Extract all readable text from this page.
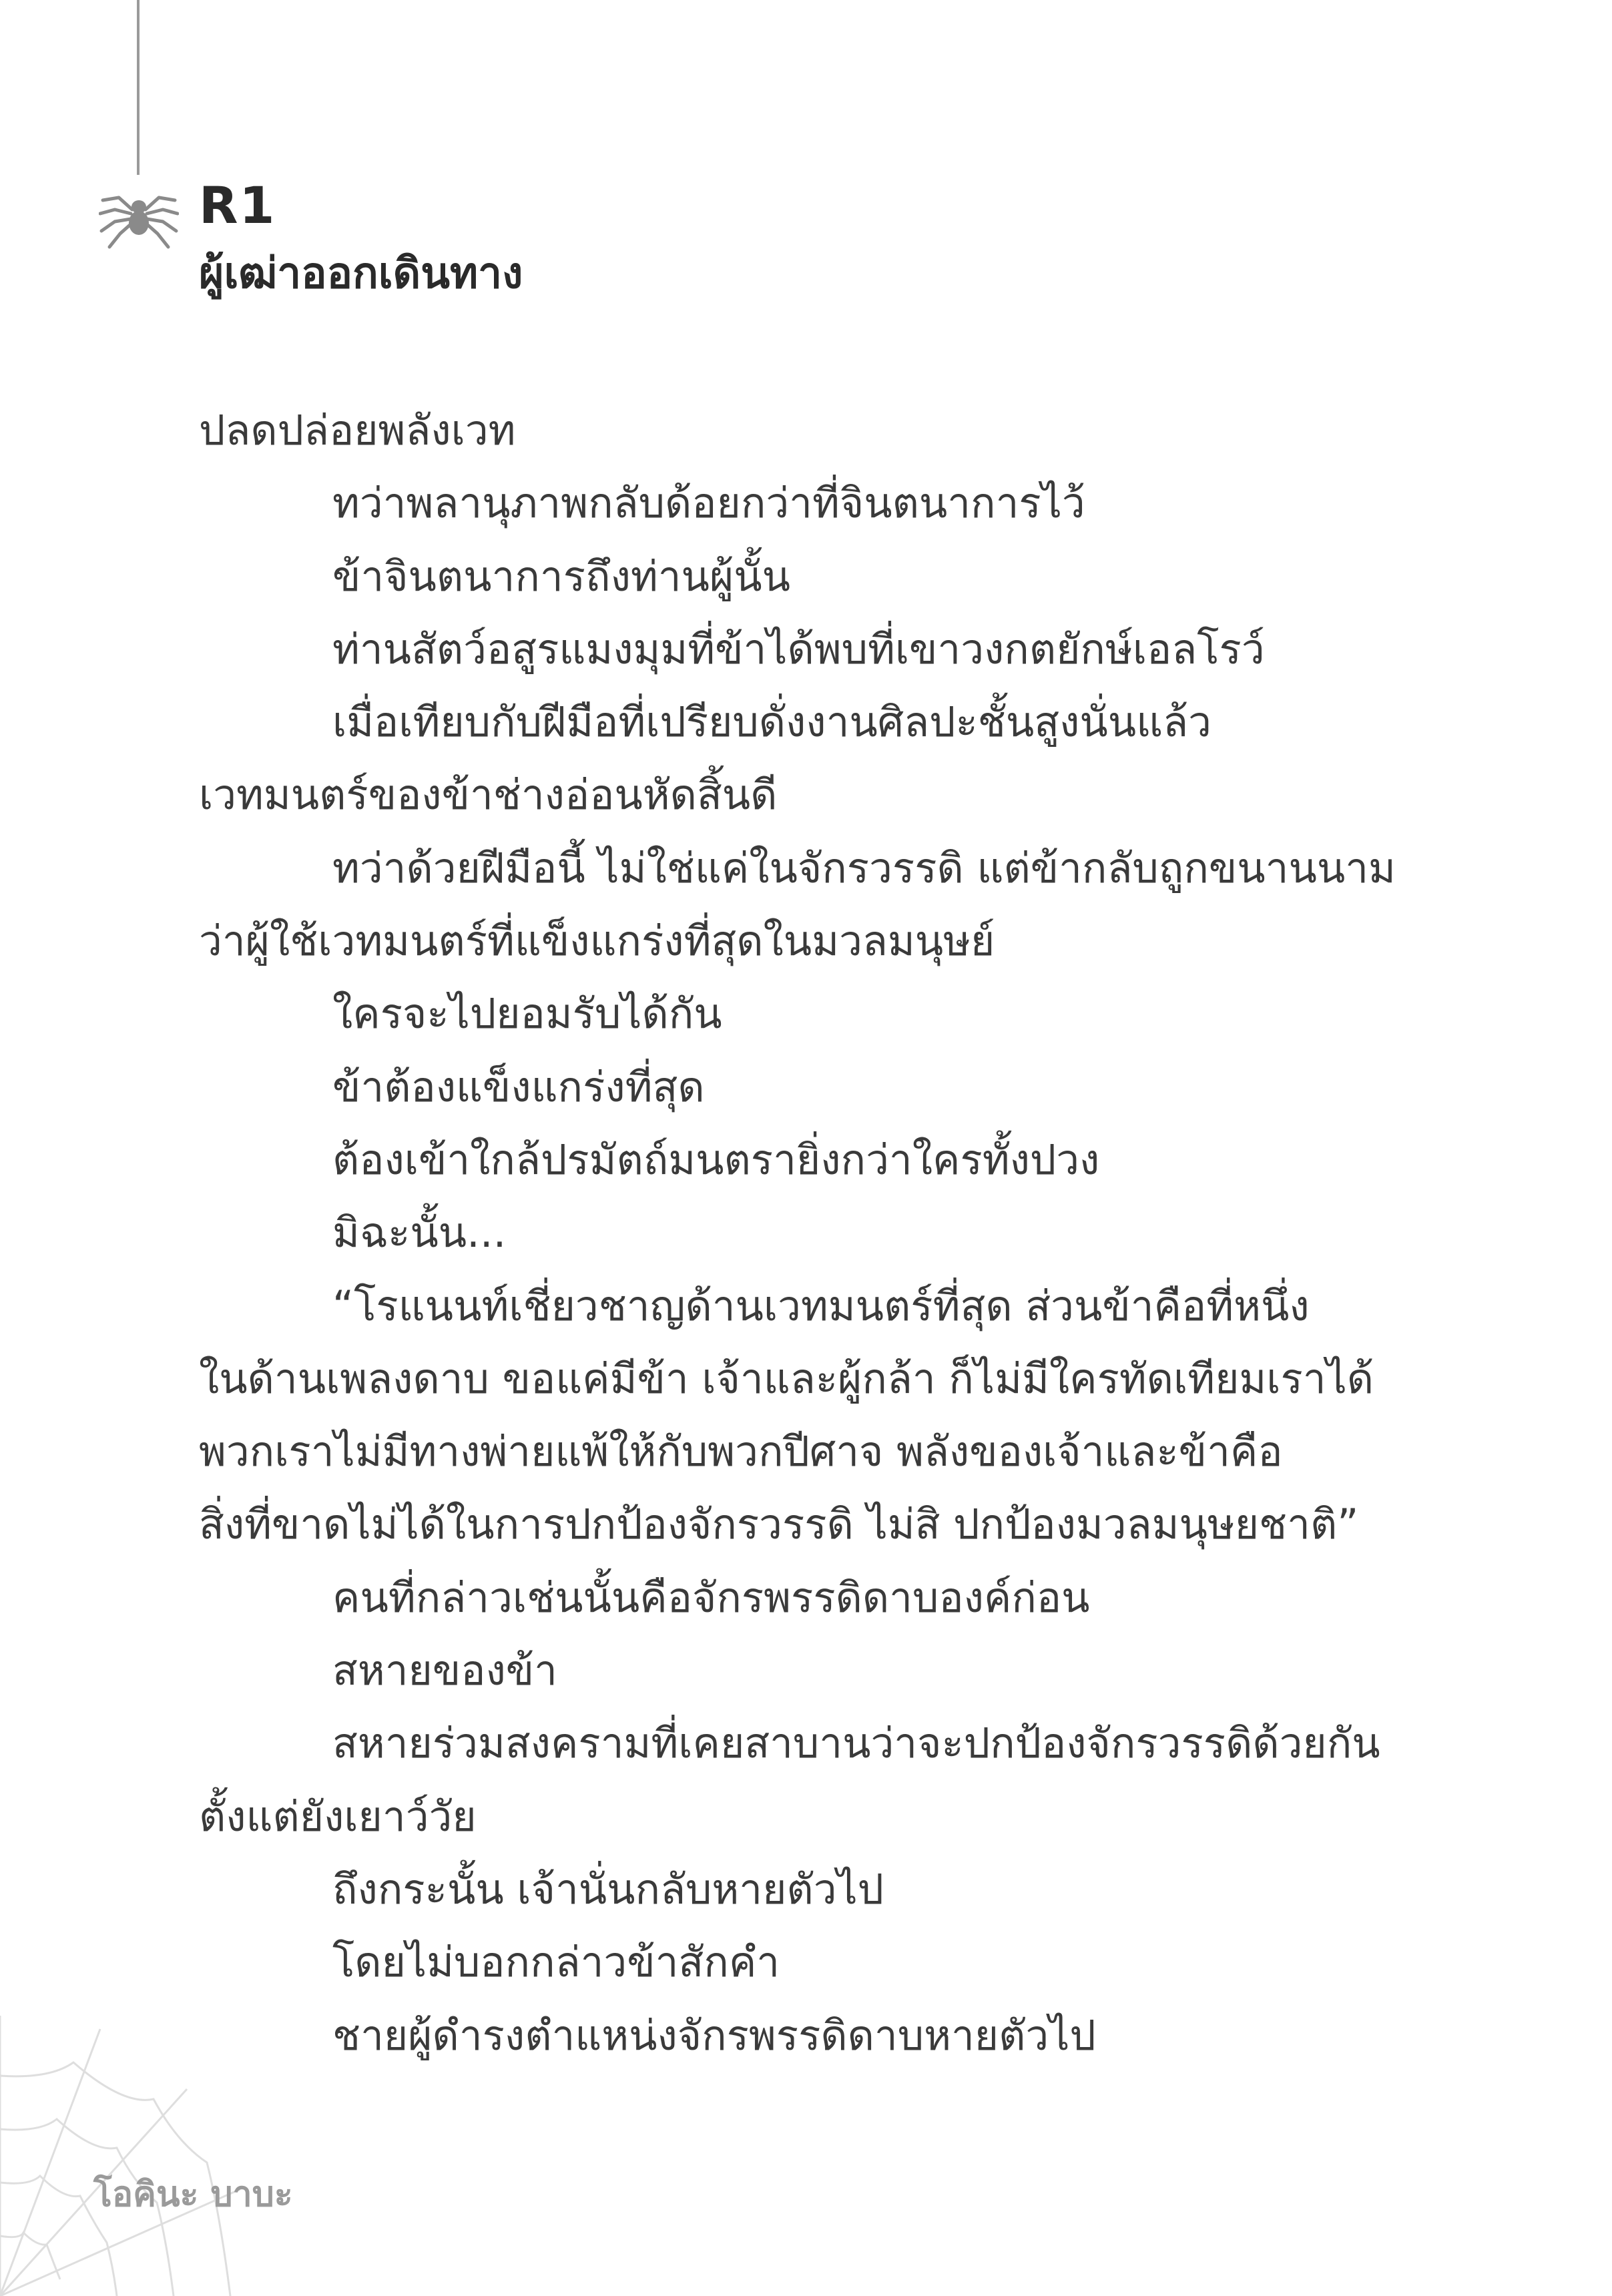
R1
ผู้เฒ่าออกเดินทาง
ปลดปล่อยพลังเวท
ทว่าพลานุภาพกลับด้อยกว่าที่จินตนาการไว้
ข้าจินตนาการถึงท่านผู้นั้น
ท่านสัตว์อสูรแมงมุมที่ข้าได้พบที่เขาวงกตยักษ์เอลโรว์
เมื่อเทียบกับฝีมือที่เปรียบดั่งงานศิลปะชั้นสูงนั่นแล้ว
เวทมนตร์ของข้าช่างอ่อนหัดสิ้นดี
ทว่าด้วยฝีมือนี้ ไม่ใช่แค่ในจักรวรรดิ แต่ข้ากลับถูกขนานนาม
ว่าผู้ใช้เวทมนตร์ที่แข็งแกร่งที่สุดในมวลมนุษย์
ใครจะไปยอมรับได้กัน
ข้าต้องแข็งแกร่งที่สุด
ต้องเข้าใกล้ปรมัตถ์มนตรายิ่งกว่าใครทั้งปวง
มิฉะนั้น...
“โรแนนท์เชี่ยวชาญด้านเวทมนตร์ที่สุด ส่วนข้าคือที่หนึ่ง
ในด้านเพลงดาบ ขอแค่มีข้า เจ้าและผู้กล้า ก็ไม่มีใครทัดเทียมเราได้
พวกเราไม่มีทางพ่ายแพ้ให้กับพวกปีศาจ พลังของเจ้าและข้าคือ
สิ่งที่ขาดไม่ได้ในการปกป้องจักรวรรดิ ไม่สิ ปกป้องมวลมนุษยชาติ”
คนที่กล่าวเช่นนั้นคือจักรพรรดิดาบองค์ก่อน
สหายของข้า
สหายร่วมสงครามที่เคยสาบานว่าจะปกป้องจักรวรรดิด้วยกัน
ตั้งแต่ยังเยาว์วัย
ถึงกระนั้น เจ้านั่นกลับหายตัวไป
โดยไม่บอกกล่าวข้าสักคำ
ชายผู้ดำรงตำแหน่งจักรพรรดิดาบหายตัวไป
โอคินะ บาบะ
